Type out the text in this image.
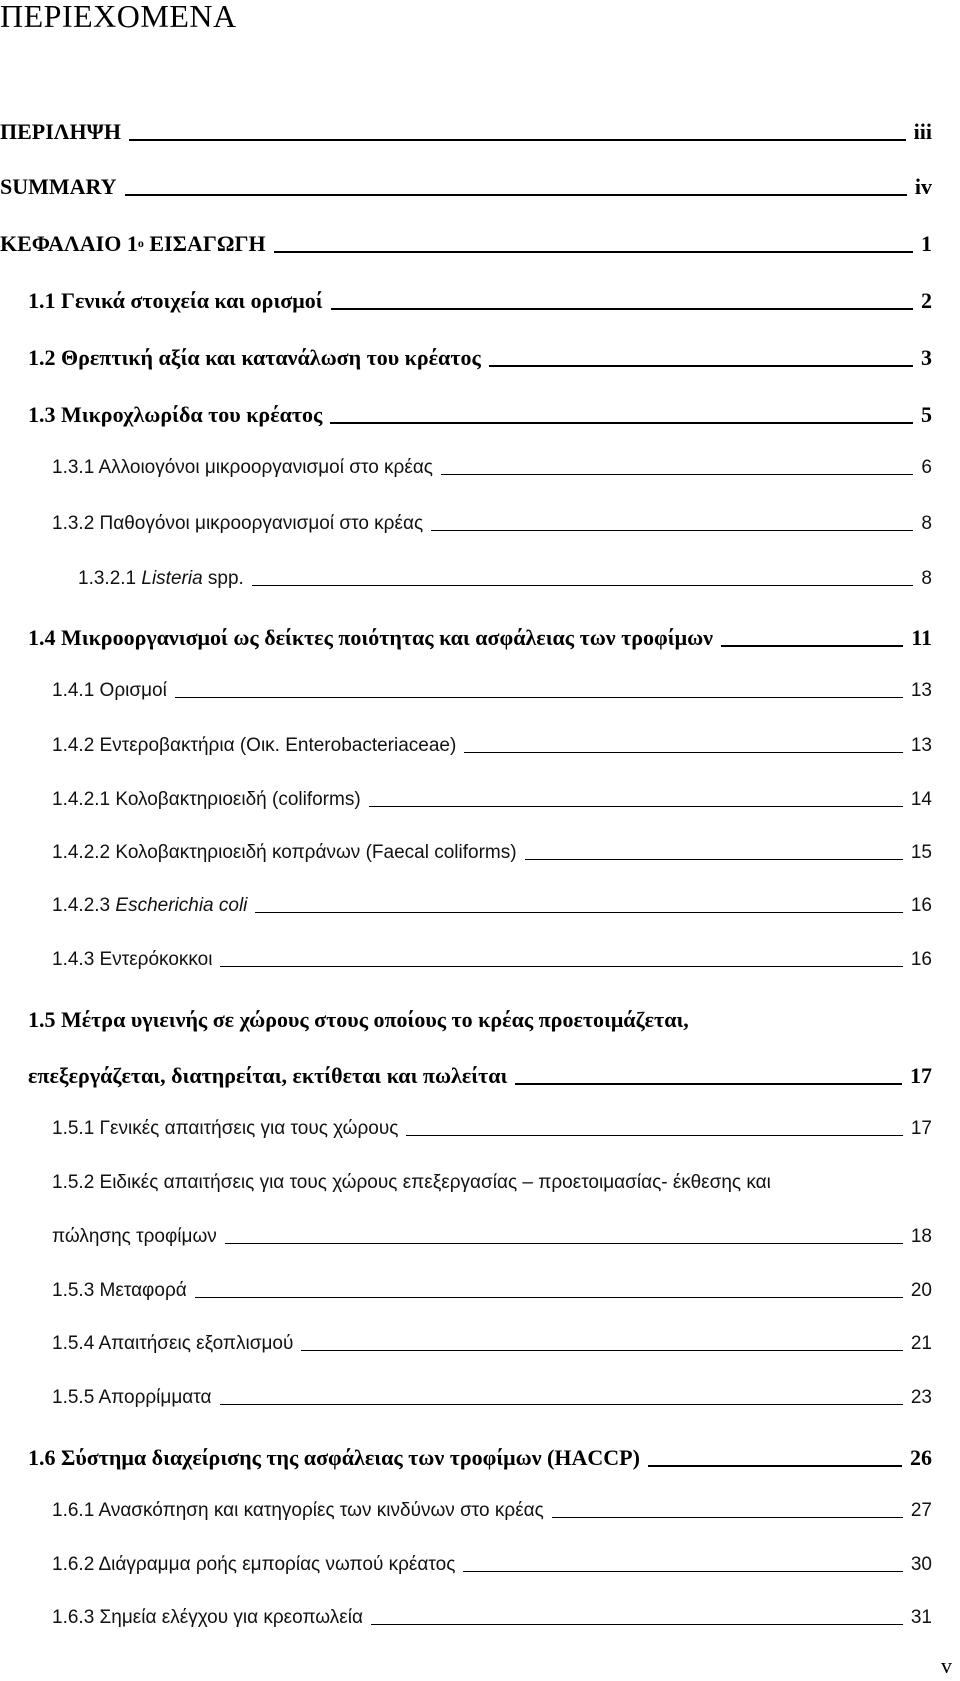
ΠΕΡΙΕΧΟΜΕΝΑ
ΠΕΡΙΛΗΨΗ	iii
SUMMARY	iv
ΚΕΦΑΛΑΙΟ $1^o$ ΕΙΣΑΓΩΓΗ	1
1.1 Γενικά στοιχεία και ορισμοί	2
1.2 Θρεπτική αξία και κατανάλωση του κρέατος	3
1.3 Μικροχλωρίδα του κρέατος	5
1.3.1 Αλλοιογόνοι μικροοργανισμοί στο κρέας	6
1.3.2 Παθογόνοι μικροοργανισμοί στο κρέας	8
1.3.2.1 Listeria spp.	8
1.4 Μικροοργανισμοί ως δείκτες ποιότητας και ασφάλειας των τροφίμων	11
1.4.1 Ορισμοί	13
1.4.2 Εντεροβακτήρια (Οικ. Enterobacteriaceae)	13
1.4.2.1 Κολοβακτηριοειδή (coliforms)	14
1.4.2.2 Κολοβακτηριοειδή κοπράνων (Faecal coliforms)	15
1.4.2.3 Escherichia coli	16
1.4.3 Εντερόκοκκοι	16
1.5 Μέτρα υγιεινής σε χώρους στους οποίους το κρέας προετοιμάζεται,
επεξεργάζεται, διατηρείται, εκτίθεται και πωλείται	17
1.5.1 Γενικές απαιτήσεις για τους χώρους	17
1.5.2 Ειδικές απαιτήσεις για τους χώρους επεξεργασίας – προετοιμασίας- έκθεσης και
πώλησης τροφίμων	18
1.5.3 Μεταφορά	20
1.5.4 Απαιτήσεις εξοπλισμού	21
1.5.5 Απορρίμματα	23
1.6 Σύστημα διαχείρισης της ασφάλειας των τροφίμων (HACCP)	26
1.6.1 Ανασκόπηση και κατηγορίες των κινδύνων στο κρέας	27
1.6.2 Διάγραμμα ροής εμπορίας νωπού κρέατος	30
1.6.3 Σημεία ελέγχου για κρεοπωλεία	31
v
